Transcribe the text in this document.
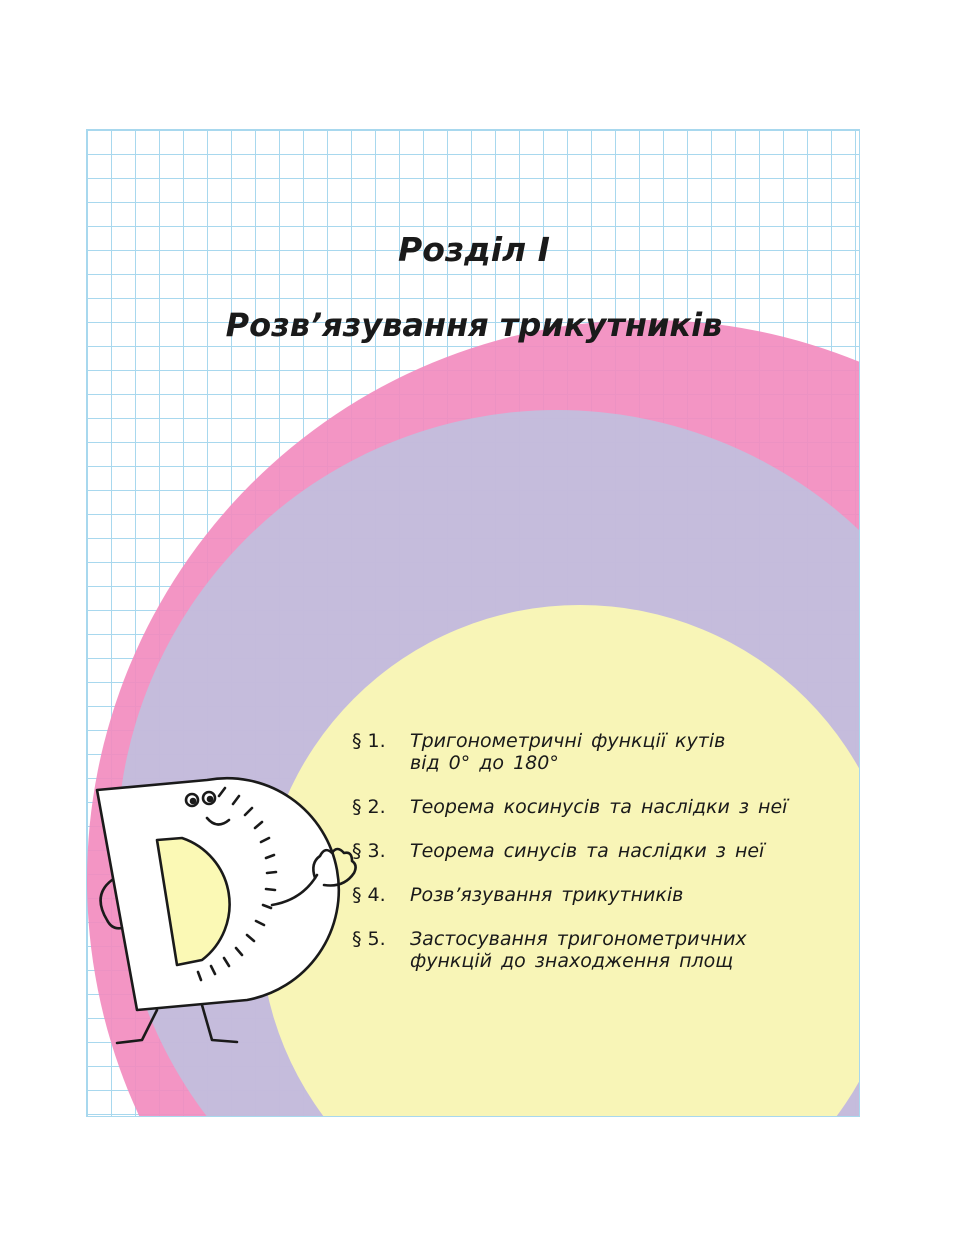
Розділ I
Розв’язування трикутників
§ 1.	Тригонометричні функції кутів
від 0° до 180°
§ 2.	Теорема косинусів та наслідки з неї
§ 3.	Теорема синусів та наслідки з неї
§ 4.	Розв’язування трикутників
§ 5.	Застосування тригонометричних
функцій до знаходження площ
